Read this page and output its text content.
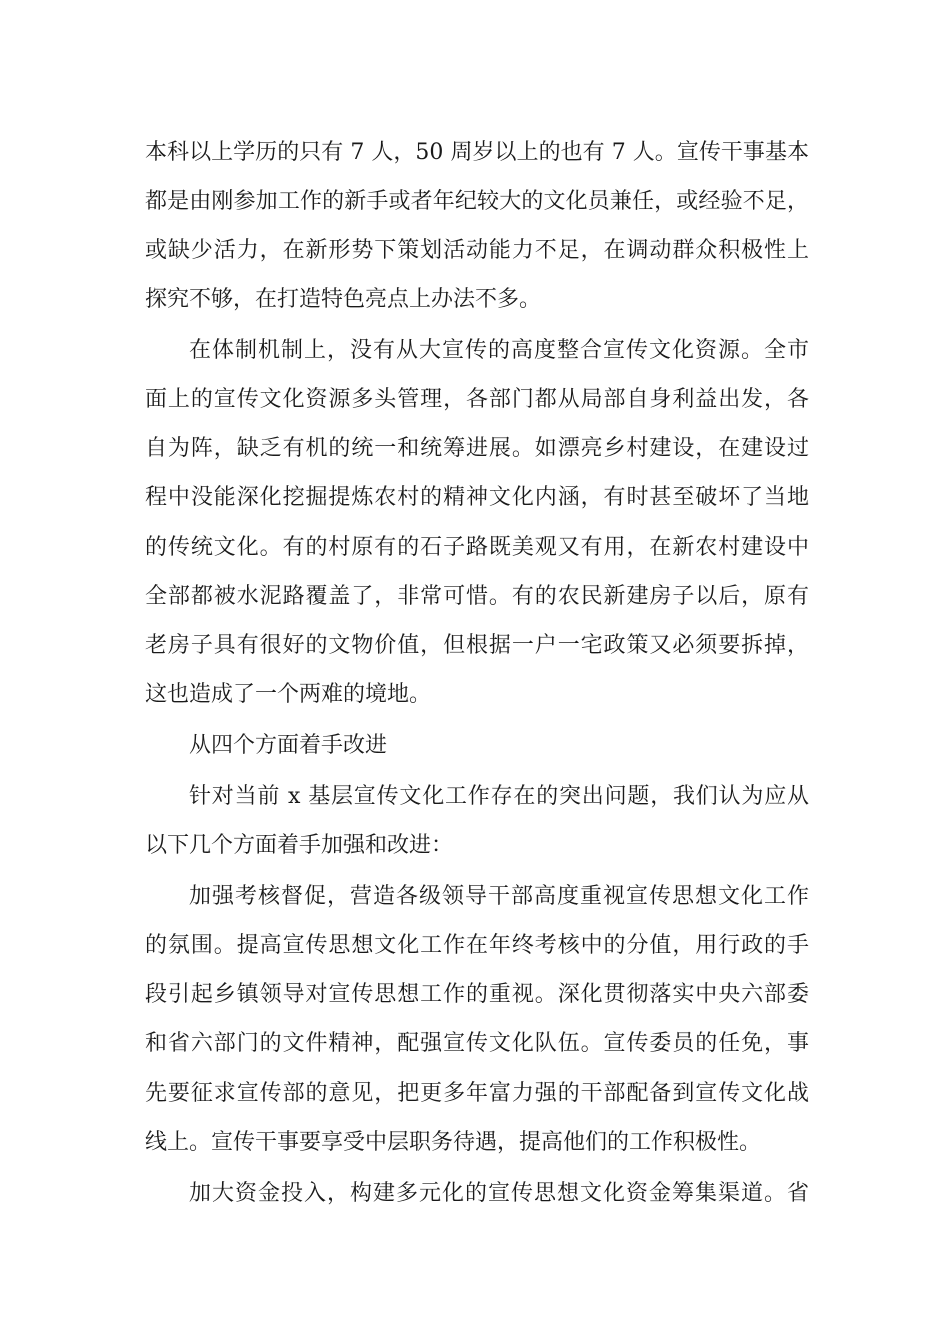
本科以上学历的只有 7 人，50 周岁以上的也有 7 人。宣传干事基本

都是由刚参加工作的新手或者年纪较大的文化员兼任，或经验不足，

或缺少活力，在新形势下策划活动能力不足，在调动群众积极性上

探究不够，在打造特色亮点上办法不多。

在体制机制上，没有从大宣传的高度整合宣传文化资源。全市

面上的宣传文化资源多头管理，各部门都从局部自身利益出发，各

自为阵，缺乏有机的统一和统筹进展。如漂亮乡村建设，在建设过

程中没能深化挖掘提炼农村的精神文化内涵，有时甚至破坏了当地

的传统文化。有的村原有的石子路既美观又有用，在新农村建设中

全部都被水泥路覆盖了，非常可惜。有的农民新建房子以后，原有

老房子具有很好的文物价值，但根据一户一宅政策又必须要拆掉，

这也造成了一个两难的境地。

从四个方面着手改进

针对当前 x 基层宣传文化工作存在的突出问题，我们认为应从

以下几个方面着手加强和改进：

加强考核督促，营造各级领导干部高度重视宣传思想文化工作

的氛围。提高宣传思想文化工作在年终考核中的分值，用行政的手

段引起乡镇领导对宣传思想工作的重视。深化贯彻落实中央六部委

和省六部门的文件精神，配强宣传文化队伍。宣传委员的任免，事

先要征求宣传部的意见，把更多年富力强的干部配备到宣传文化战

线上。宣传干事要享受中层职务待遇，提高他们的工作积极性。

加大资金投入，构建多元化的宣传思想文化资金筹集渠道。省
